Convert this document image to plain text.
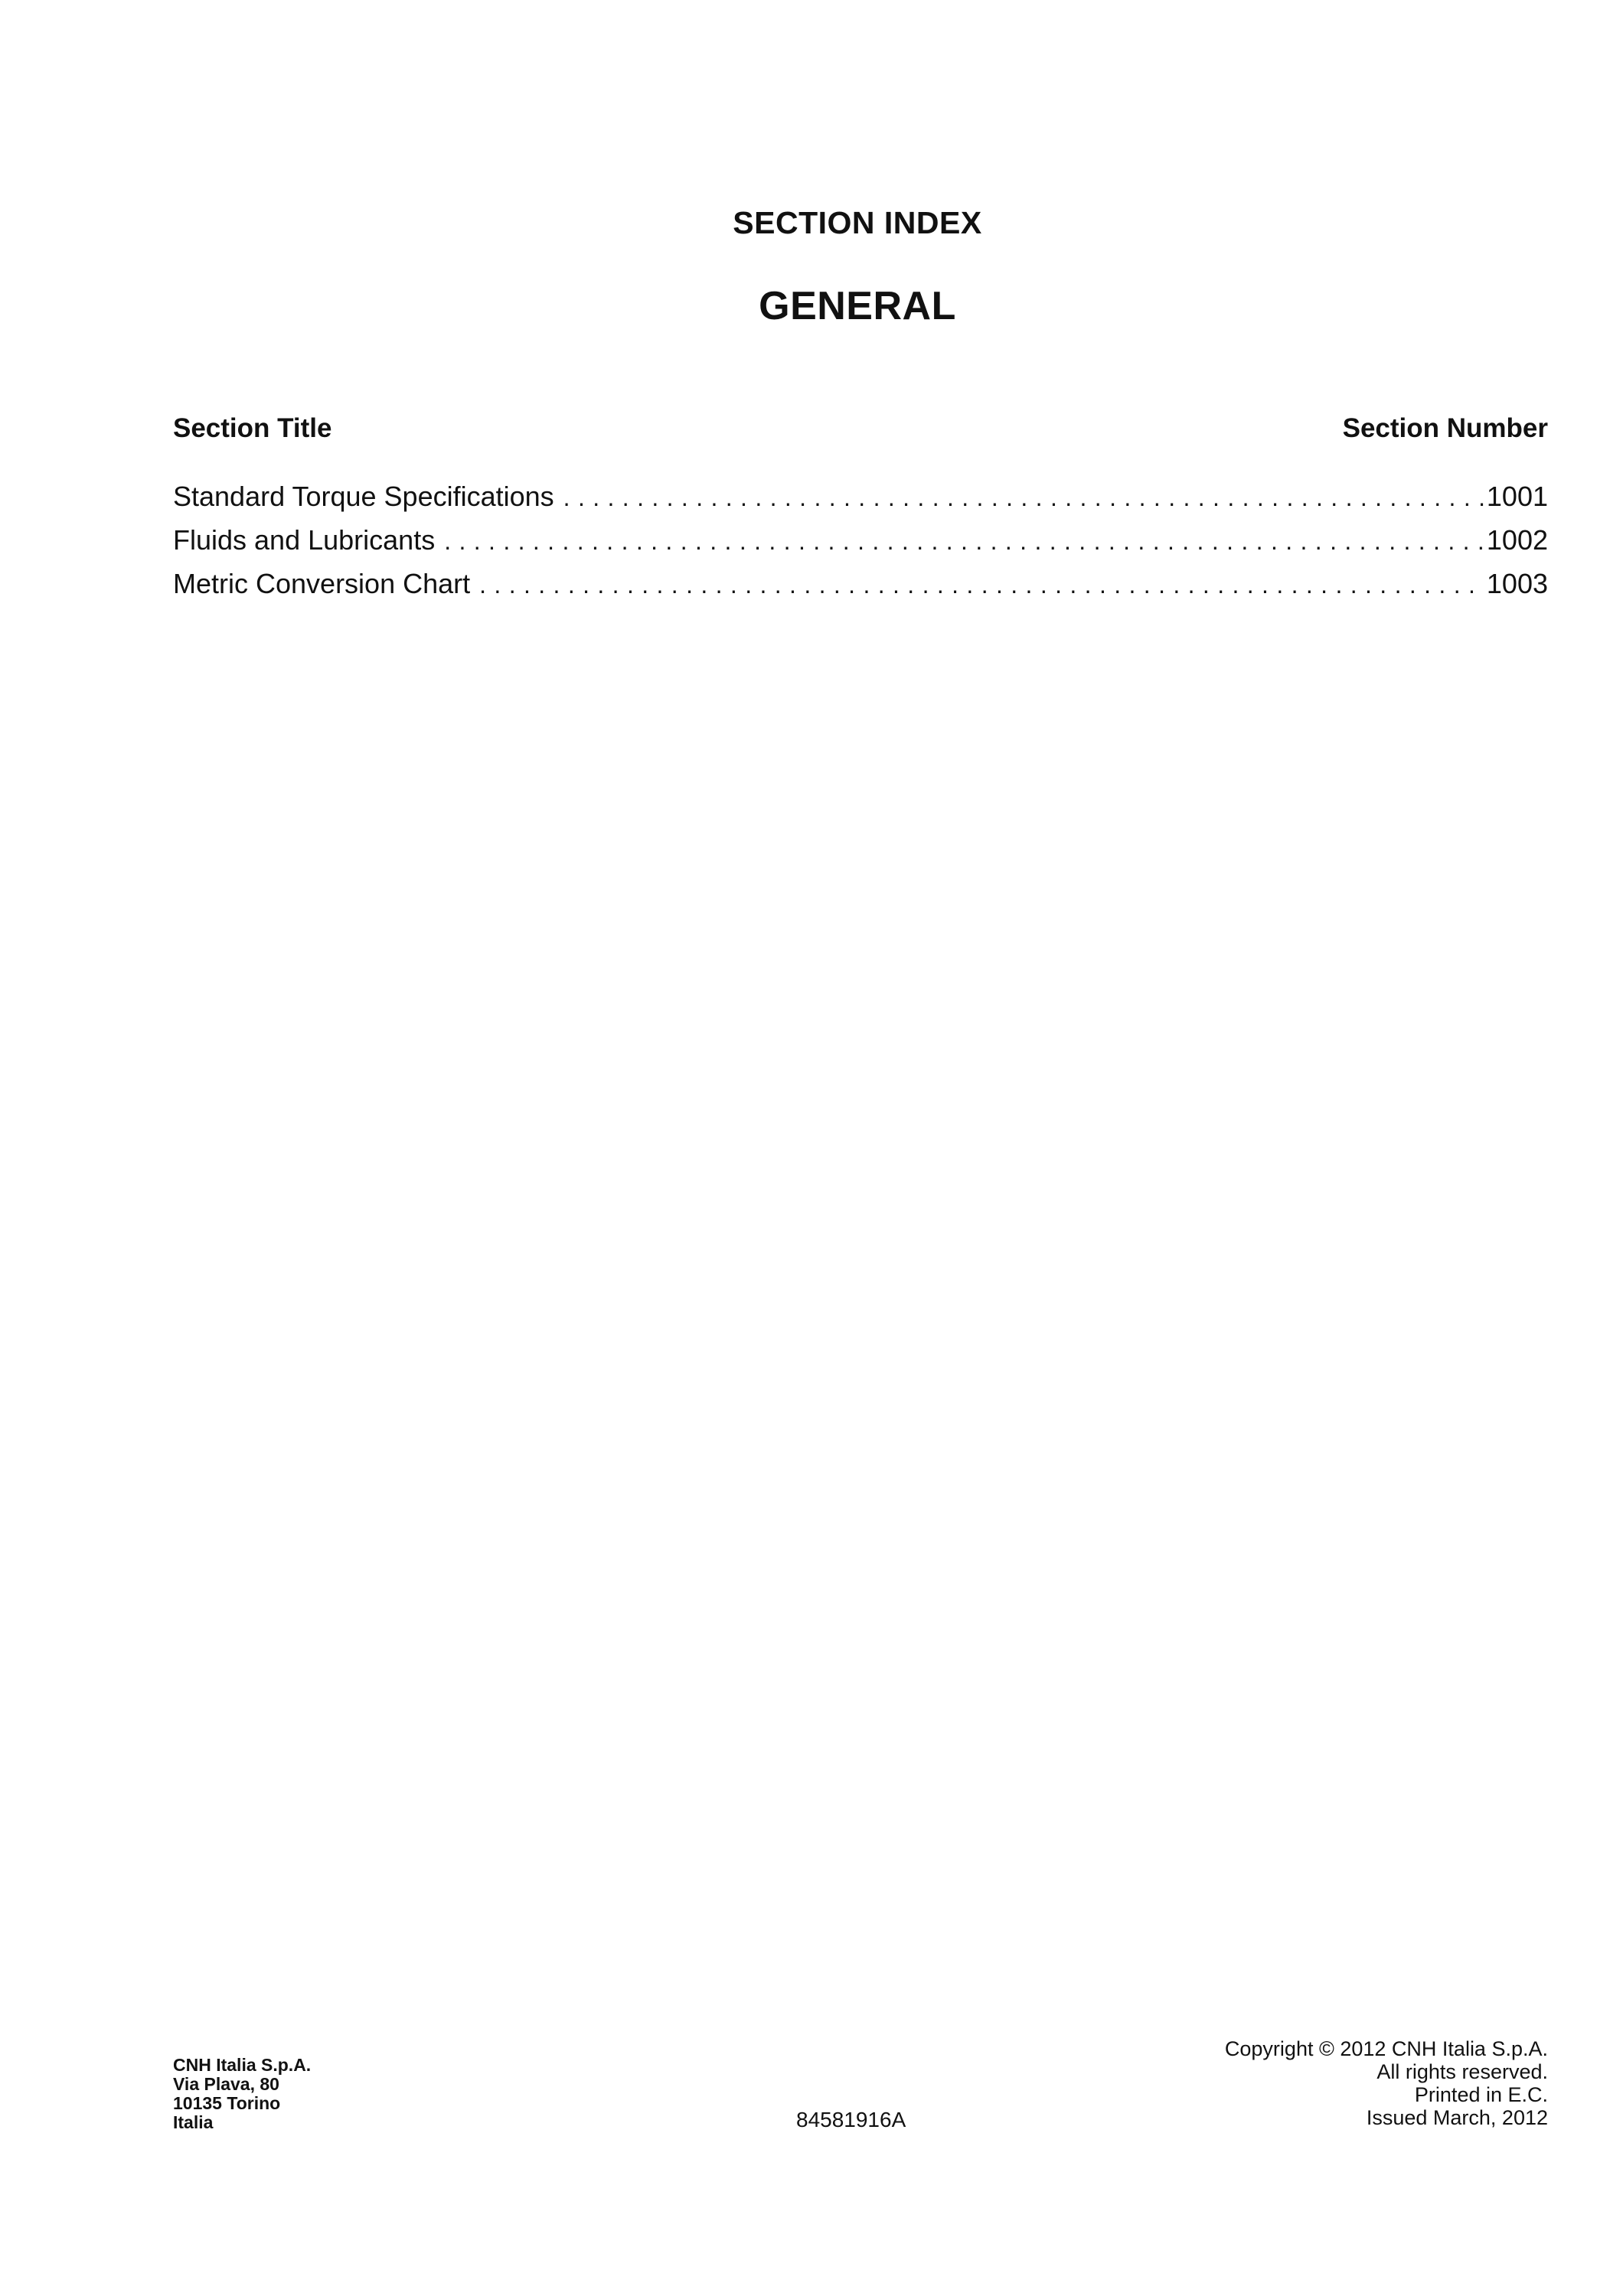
SECTION INDEX
GENERAL
Section Title	Section Number
Standard Torque Specifications . . .	1001
Fluids and Lubricants . . .	1002
Metric Conversion Chart . . .	1003
CNH Italia S.p.A.
Via Plava, 80
10135 Torino
Italia	84581916A
Copyright © 2012 CNH Italia S.p.A.
All rights reserved.
Printed in E.C.
Issued March, 2012
